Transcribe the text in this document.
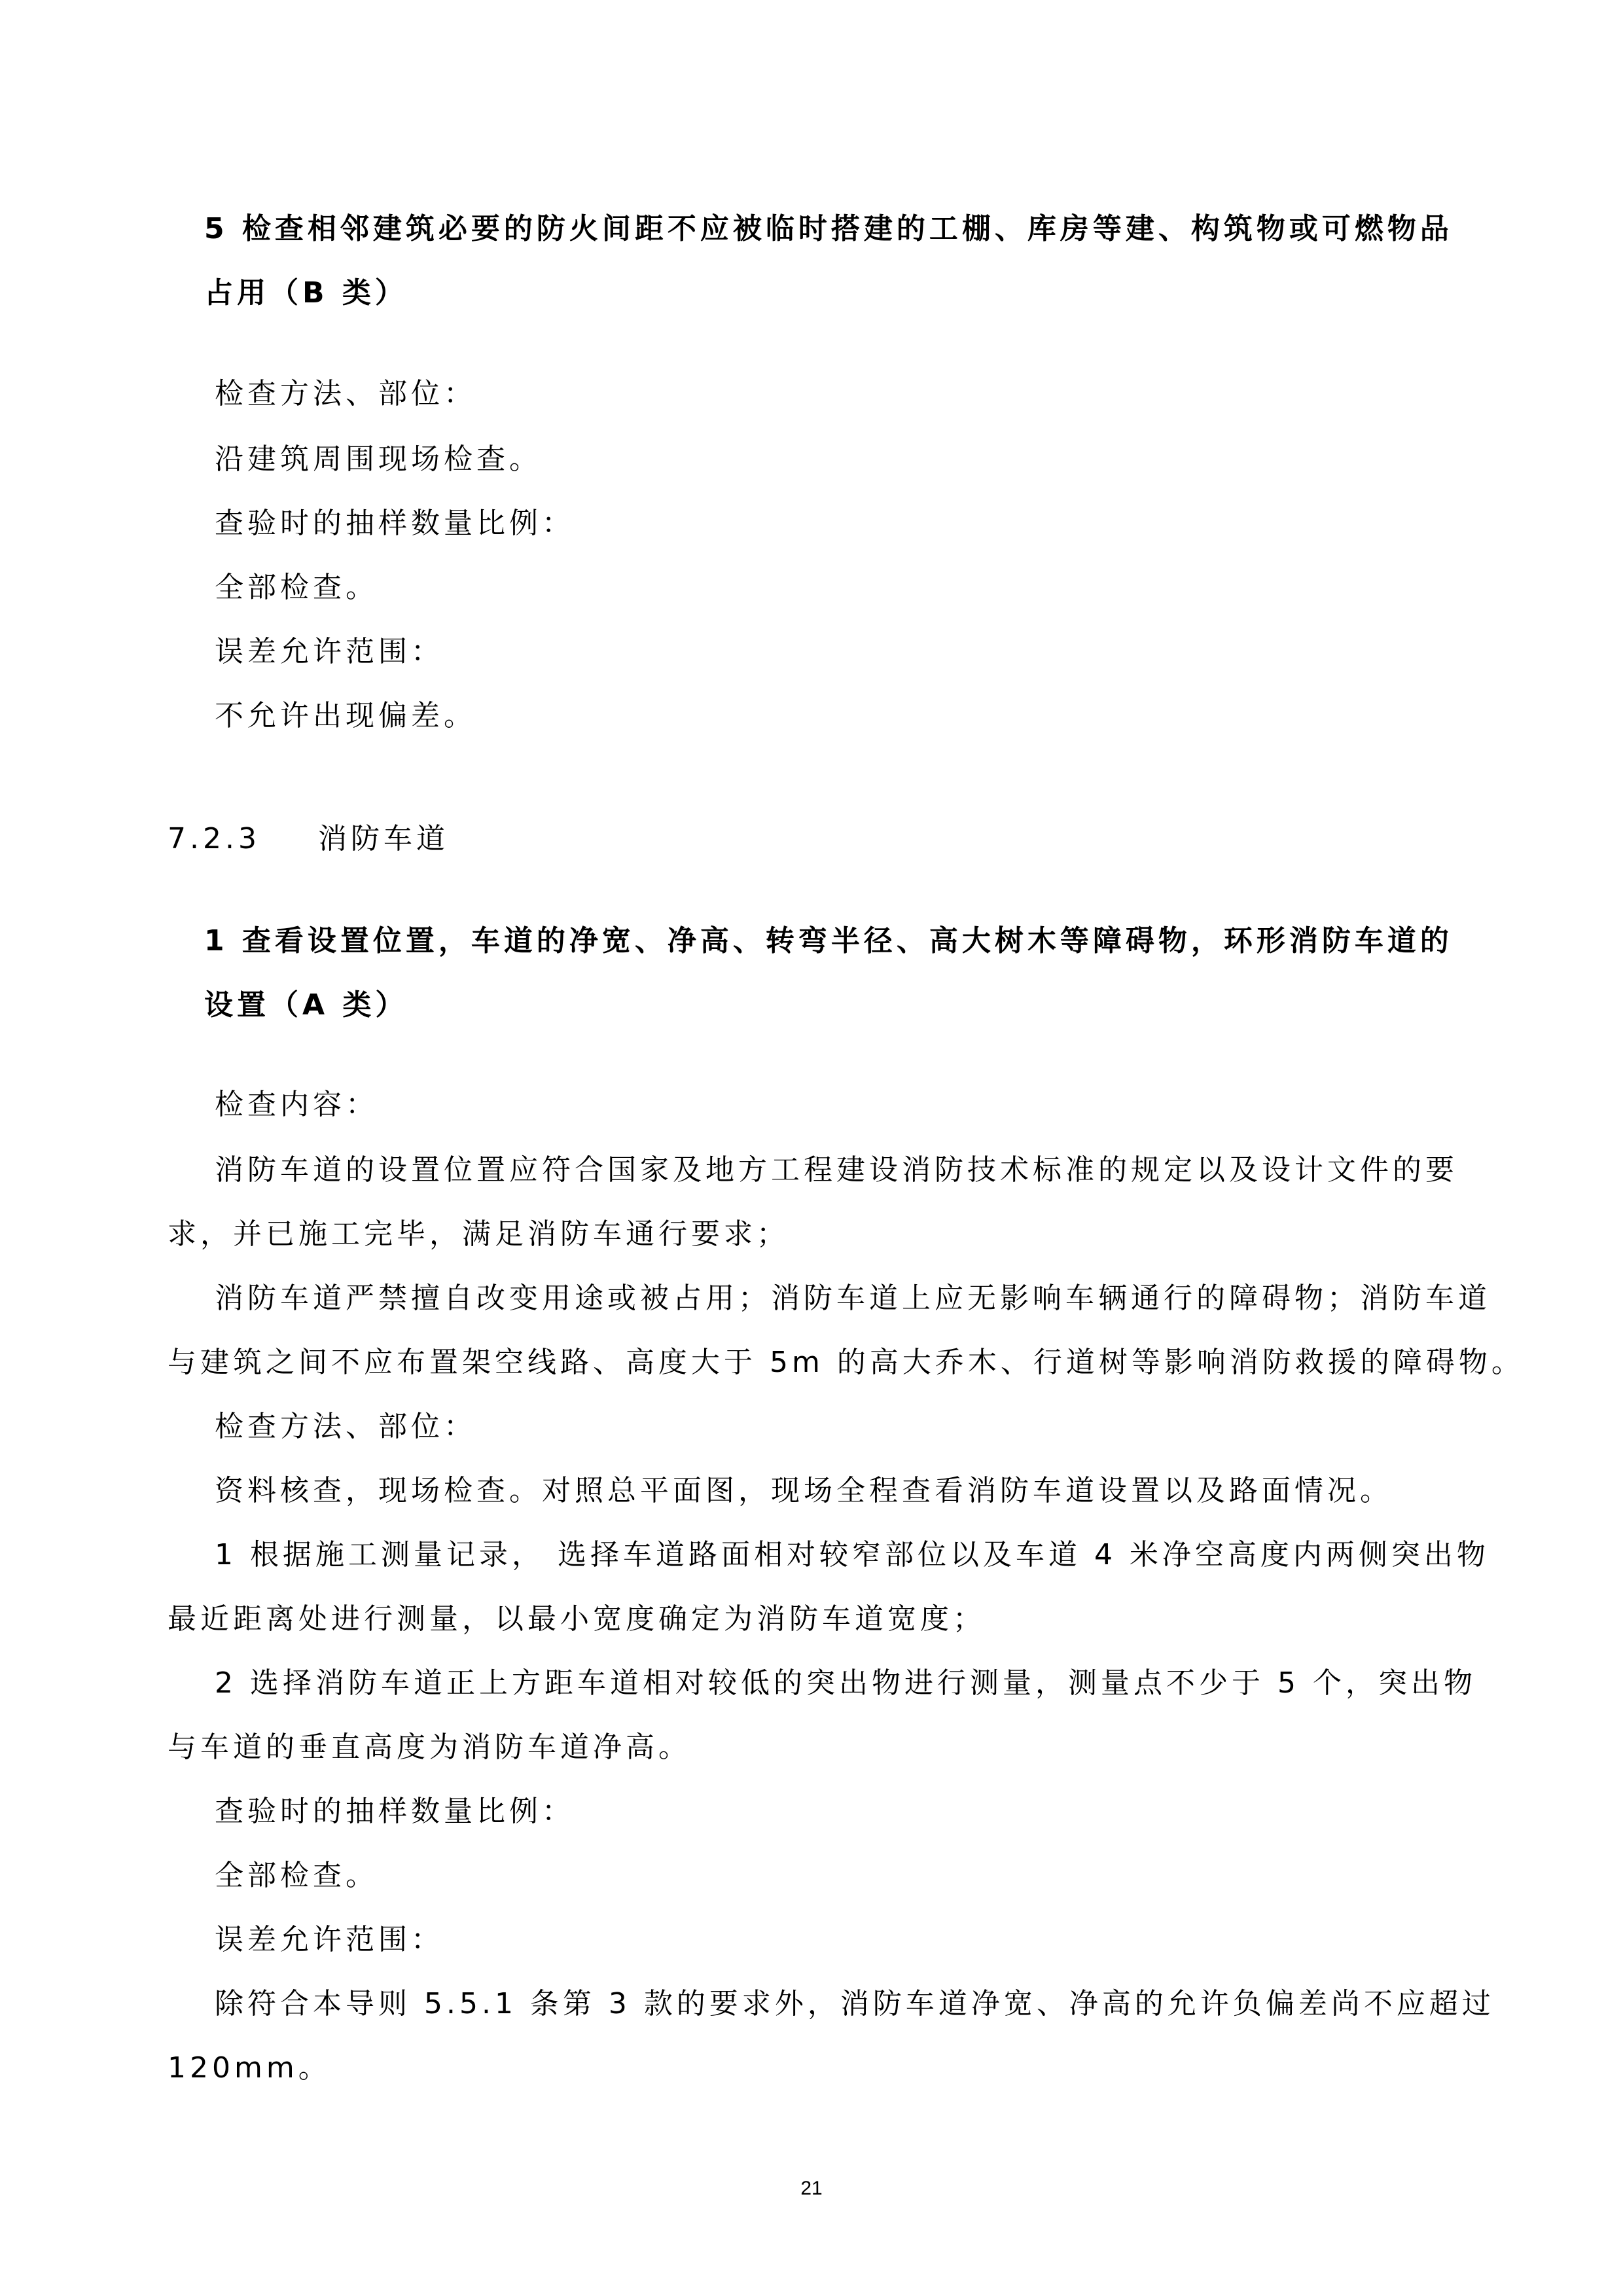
5 检查相邻建筑必要的防火间距不应被临时搭建的工棚、库房等建、构筑物或可燃物品
占用（B 类）
检查方法、部位：
沿建筑周围现场检查。
查验时的抽样数量比例：
全部检查。
误差允许范围：
不允许出现偏差。
7.2.3 消防车道
1 查看设置位置，车道的净宽、净高、转弯半径、高大树木等障碍物，环形消防车道的
设置（A 类）
检查内容：
消防车道的设置位置应符合国家及地方工程建设消防技术标准的规定以及设计文件的要
求，并已施工完毕，满足消防车通行要求；
消防车道严禁擅自改变用途或被占用；消防车道上应无影响车辆通行的障碍物；消防车道
与建筑之间不应布置架空线路、高度大于 5m 的高大乔木、行道树等影响消防救援的障碍物。
检查方法、部位：
资料核查，现场检查。对照总平面图，现场全程查看消防车道设置以及路面情况。
1 根据施工测量记录， 选择车道路面相对较窄部位以及车道 4 米净空高度内两侧突出物
最近距离处进行测量，以最小宽度确定为消防车道宽度；
2 选择消防车道正上方距车道相对较低的突出物进行测量，测量点不少于 5 个，突出物
与车道的垂直高度为消防车道净高。
查验时的抽样数量比例：
全部检查。
误差允许范围：
除符合本导则 5.5.1 条第 3 款的要求外，消防车道净宽、净高的允许负偏差尚不应超过
120mm。
21
